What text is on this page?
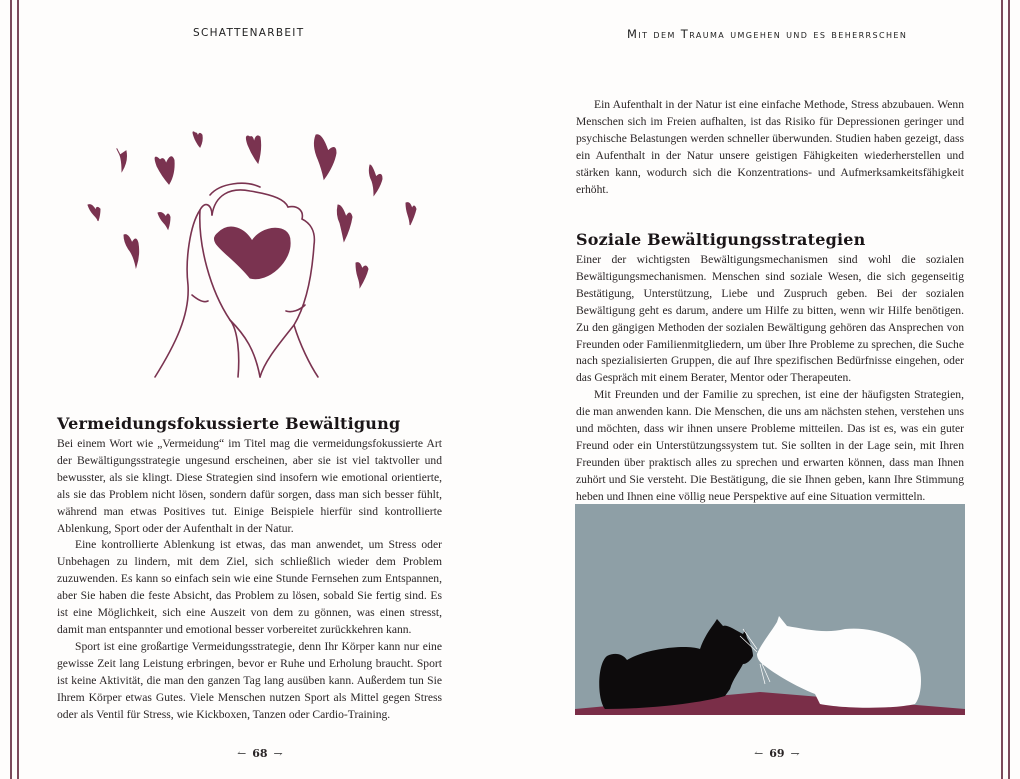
SCHATTENARBEIT
Vermeidungsfokussierte Bewältigung

Bei einem Wort wie „Vermeidung“ im Titel mag die vermeidungsfokussierte Art der Bewältigungsstrategie ungesund erscheinen, aber sie ist viel taktvoller und bewusster, als sie klingt. Diese Strategien sind insofern wie emotional orientierte, als sie das Problem nicht lösen, sondern dafür sorgen, dass man sich besser fühlt, während man etwas Positives tut. Einige Beispiele hierfür sind kontrollierte Ablenkung, Sport oder der Aufenthalt in der Natur.

Eine kontrollierte Ablenkung ist etwas, das man anwendet, um Stress oder Unbehagen zu lindern, mit dem Ziel, sich schließlich wieder dem Problem zuzuwenden. Es kann so einfach sein wie eine Stunde Fernsehen zum Entspannen, aber Sie haben die feste Absicht, das Problem zu lösen, sobald Sie fertig sind. Es ist eine Möglichkeit, sich eine Auszeit von dem zu gönnen, was einen stresst, damit man entspannter und emotional besser vorbereitet zurückkehren kann.

Sport ist eine großartige Vermeidungsstrategie, denn Ihr Körper kann nur eine gewisse Zeit lang Leistung erbringen, bevor er Ruhe und Erholung braucht. Sport ist keine Aktivität, die man den ganzen Tag lang ausüben kann. Außerdem tun Sie Ihrem Körper etwas Gutes. Viele Menschen nutzen Sport als Mittel gegen Stress oder als Ventil für Stress, wie Kickboxen, Tanzen oder Cardio-Training.

↼ 68 ⇁
Mit dem Trauma umgehen und es beherrschen

Ein Aufenthalt in der Natur ist eine einfache Methode, Stress abzubauen. Wenn Menschen sich im Freien aufhalten, ist das Risiko für Depressionen geringer und psychische Belastungen werden schneller überwunden. Studien haben gezeigt, dass ein Aufenthalt in der Natur unsere geistigen Fähigkeiten wiederherstellen und stärken kann, wodurch sich die Konzentrations- und Aufmerksamkeitsfähigkeit erhöht.

Soziale Bewältigungsstrategien

Einer der wichtigsten Bewältigungsmechanismen sind wohl die sozialen Bewältigungsmechanismen. Menschen sind soziale Wesen, die sich gegenseitig Bestätigung, Unterstützung, Liebe und Zuspruch geben. Bei der sozialen Bewältigung geht es darum, andere um Hilfe zu bitten, wenn wir Hilfe benötigen. Zu den gängigen Methoden der sozialen Bewältigung gehören das Ansprechen von Freunden oder Familienmitgliedern, um über Ihre Probleme zu sprechen, die Suche nach spezialisierten Gruppen, die auf Ihre spezifischen Bedürfnisse eingehen, oder das Gespräch mit einem Berater, Mentor oder Therapeuten.

Mit Freunden und der Familie zu sprechen, ist eine der häufigsten Strategien, die man anwenden kann. Die Menschen, die uns am nächsten stehen, verstehen uns und möchten, dass wir ihnen unsere Probleme mitteilen. Das ist es, was ein guter Freund oder ein Unterstützungssystem tut. Sie sollten in der Lage sein, mit Ihren Freunden über praktisch alles zu sprechen und erwarten können, dass man Ihnen zuhört und Sie versteht. Die Bestätigung, die sie Ihnen geben, kann Ihre Stimmung heben und Ihnen eine völlig neue Perspektive auf eine Situation vermitteln.

↼ 69 ⇁
